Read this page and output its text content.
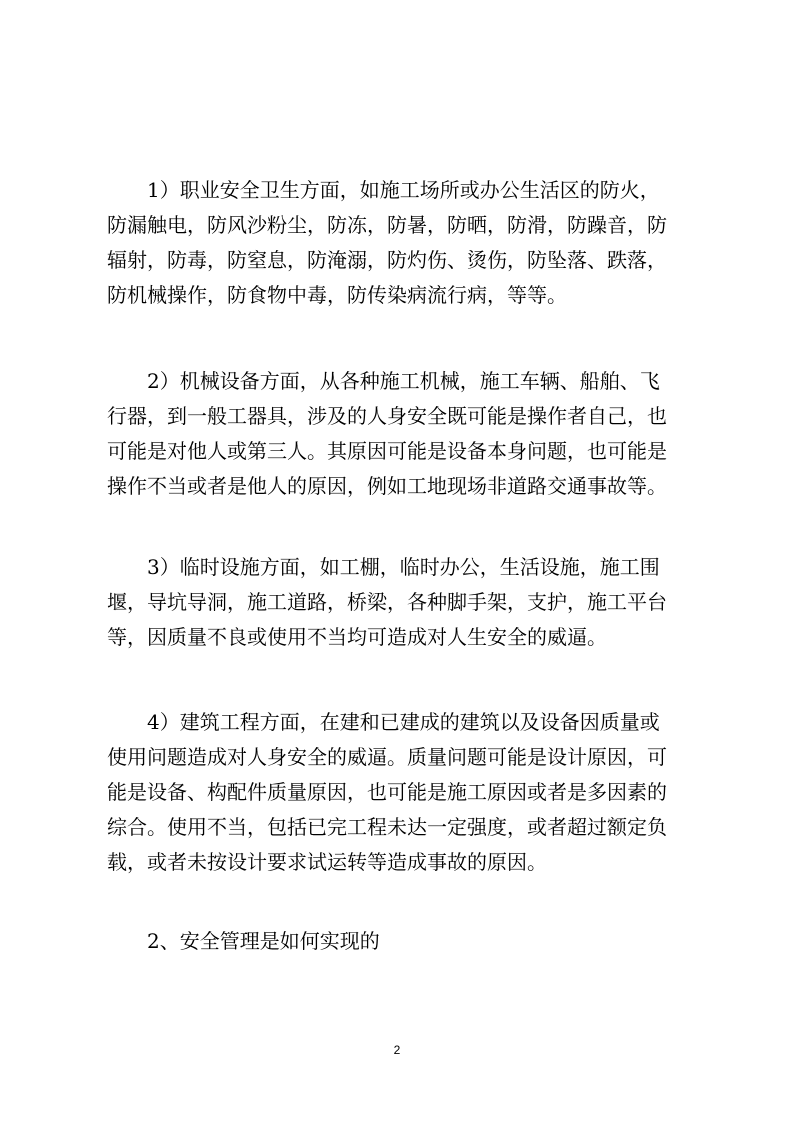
1）职业安全卫生方面，如施工场所或办公生活区的防火，
防漏触电，防风沙粉尘，防冻，防暑，防晒，防滑，防躁音，防
辐射，防毒，防窒息，防淹溺，防灼伤、烫伤，防坠落、跌落，
防机械操作，防食物中毒，防传染病流行病，等等。
2）机械设备方面，从各种施工机械，施工车辆、船舶、飞
行器，到一般工器具，涉及的人身安全既可能是操作者自己，也
可能是对他人或第三人。其原因可能是设备本身问题，也可能是
操作不当或者是他人的原因，例如工地现场非道路交通事故等。
3）临时设施方面，如工棚，临时办公，生活设施，施工围
堰，导坑导洞，施工道路，桥梁，各种脚手架，支护，施工平台
等，因质量不良或使用不当均可造成对人生安全的威逼。
4）建筑工程方面，在建和已建成的建筑以及设备因质量或
使用问题造成对人身安全的威逼。质量问题可能是设计原因，可
能是设备、构配件质量原因，也可能是施工原因或者是多因素的
综合。使用不当，包括已完工程未达一定强度，或者超过额定负
载，或者未按设计要求试运转等造成事故的原因。

2、安全管理是如何实现的

2
